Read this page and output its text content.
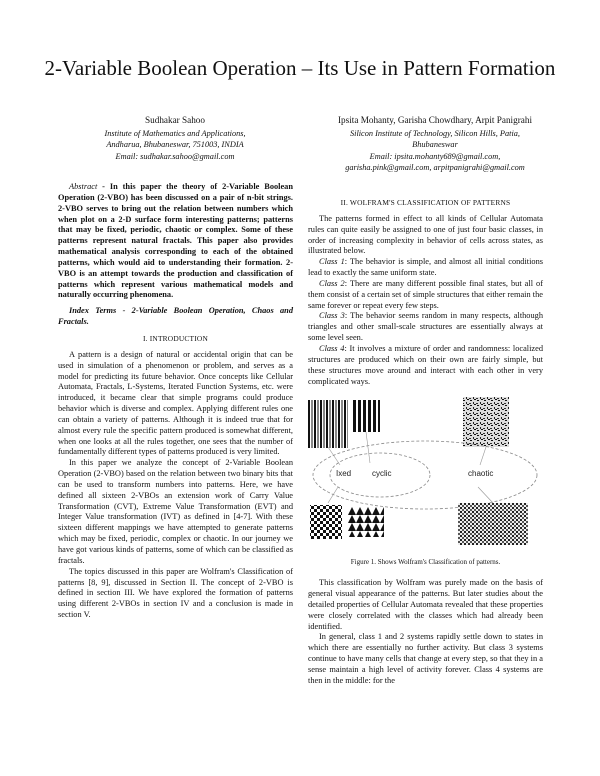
2-Variable Boolean Operation – Its Use in Pattern Formation
Sudhakar Sahoo
Institute of Mathematics and Applications,
Andharua, Bhubaneswar, 751003, INDIA
Email: sudhakar.sahoo@gmail.com
Ipsita Mohanty, Garisha Chowdhary, Arpit Panigrahi
Silicon Institute of Technology, Silicon Hills, Patia,
Bhubaneswar
Email: ipsita.mohanty689@gmail.com,
garisha.pink@gmail.com, arpitpanigrahi@gmail.com

Abstract - In this paper the theory of 2-Variable Boolean Operation (2-VBO) has been discussed on a pair of n-bit strings. 2-VBO serves to bring out the relation between numbers which when plot on a 2-D surface form interesting patterns; patterns that may be fixed, periodic, chaotic or complex. Some of these patterns represent natural fractals. This paper also provides mathematical analysis corresponding to each of the obtained patterns, which would aid to understanding their formation. 2-VBO is an attempt towards the production and classification of patterns which represent various mathematical models and naturally occurring phenomena.

Index Terms - 2-Variable Boolean Operation, Chaos and Fractals.

I. INTRODUCTION

A pattern is a design of natural or accidental origin that can be used in simulation of a phenomenon or problem, and serves as a model for predicting its future behavior. Once concepts like Cellular Automata, Fractals, L-Systems, Iterated Function Systems, etc. were introduced, it became clear that simple programs could produce behavior which is diverse and complex. Applying different rules one can obtain a variety of patterns. Although it is indeed true that for almost every rule the specific pattern produced is somewhat different, when one looks at all the rules together, one sees that the number of fundamentally different types of patterns produced is very limited.

In this paper we analyze the concept of 2-Variable Boolean Operation (2-VBO) based on the relation between two binary bits that can be used to transform numbers into patterns. Here, we have defined all sixteen 2-VBOs an extension work of Carry Value Transformation (CVT), Extreme Value Transformation (EVT) and Integer Value transformation (IVT) as defined in [4-7]. With these sixteen different mappings we have attempted to generate patterns which may be fixed, periodic, complex or chaotic. In our journey we have got various kinds of patterns, some of which can be classified as fractals.

The topics discussed in this paper are Wolfram's Classification of patterns [8, 9], discussed in Section II. The concept of 2-VBO is defined in section III. We have explored the formation of patterns using different 2-VBOs in section IV and a conclusion is made in section V.

II. WOLFRAM'S CLASSIFICATION OF PATTERNS

The patterns formed in effect to all kinds of Cellular Automata rules can quite easily be assigned to one of just four basic classes, in order of increasing complexity in behavior of cells across states, as illustrated below.

Class 1: The behavior is simple, and almost all initial conditions lead to exactly the same uniform state.

Class 2: There are many different possible final states, but all of them consist of a certain set of simple structures that either remain the same forever or repeat every few steps.

Class 3: The behavior seems random in many respects, although triangles and other small-scale structures are essentially always at some level seen.

Class 4: It involves a mixture of order and randomness: localized structures are produced which on their own are fairly simple, but these structures move around and interact with each other in very complicated ways.

Ixed	cyclic	chaotic
Figure 1. Shows Wolfram's Classification of patterns.

This classification by Wolfram was purely made on the basis of general visual appearance of the patterns. But later studies about the detailed properties of Cellular Automata revealed that these properties were closely correlated with the classes which had already been identified.

In general, class 1 and 2 systems rapidly settle down to states in which there are essentially no further activity. But class 3 systems continue to have many cells that change at every step, so that they in a sense maintain a high level of activity forever. Class 4 systems are then in the middle: for the
